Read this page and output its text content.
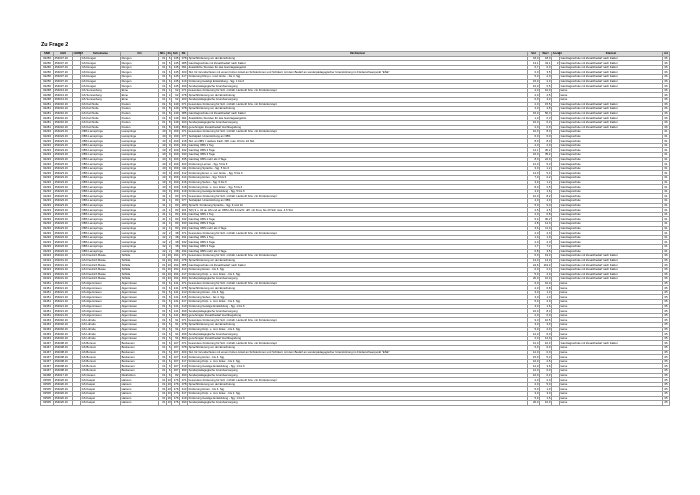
Zu Frage 2
SNR	AGS	LKRKZ	Schulname	Ort	SKL	KL	Sch	ZB	ZB-Klartext	Std	Wert	Anzahl	Klartext	Art
02256	254037.16		GS Dungen	Dungen	01	6	145	078	Sprachförderung vor der Einschulung	18,0	18,0		Ganztagsschule mit Zusatzbedarf nach Faktor	06
02256	254037.16		GS Dungen	Dungen	01	6	145	085	Ganztagsschule mit Zusatzbedarf nach Faktor	13,1	43,1	3	Ganztagsschule mit Zusatzbedarf nach Faktor	06
02256	254037.16		GS Dungen	Dungen	01	6	145	091	Zusätzliche Stunden für das Ganztagsangebot	0,7	0,3		Ganztagsschule mit Zusatzbedarf nach Faktor	06
02256	254037.16		GS Dungen	Dungen	01	6	145	403	Std. für Grundschulen mit einem hohen Anteil an Schülerinnen und Schülern mit dem Bedarf an sonderpädagogischer Unterstützung im Förderschwerpunkt "ESE"	0,0	3,5		Ganztagsschule mit Zusatzbedarf nach Faktor	06
02256	254037.16		GS Dungen	Dungen	01	6	145	417	Förderung Kling u. mod. Entw. - bis 4. Sjg.	5,0	2,0		Ganztagsschule mit Zusatzbedarf nach Faktor	06
02256	254037.16		GS Dungen	Dungen	01	6	145	419	Förderung Gelebgt Entwicklung - Sjg. 1 bis 6	15,0	2,3		Ganztagsschule mit Zusatzbedarf nach Faktor	06
02256	254037.16		GS Dungen	Dungen	01	6	145	490	Sonderpädagogische Grundversorgung	16,0	6,5		Ganztagsschule mit Zusatzbedarf nach Faktor	06
02268	254013.16		GS Sonnenberg	Eime	01	4	62	071	besondere Förderung für Sch. nichtdt. Herkunft bzw. mit Förderkonzept	2,0	10,0		keine	06
02268	254013.16		GS Sonnenberg	Eime	01	4	62	078	Sprachförderung vor der Einschulung	2,0	2,5		keine	06
02268	254013.16		GS Sonnenberg	Eime	01	4	62	400	Sonderpädagogische Grundversorgung	6,0	4,3		keine	06
02281	254016.16		GS Karl Nolte	Freden	01	8	149	071	besondere Förderung für Sch. nichtdt. Herkunft bzw. mit Förderkonzept	2,0	15,5		Ganztagsschule mit Zusatzbedarf nach Faktor	06
02281	254016.16		GS Karl Nolte	Freden	01	8	149	078	Sprachförderung vor der Einschulung	4,0	4,8		Ganztagsschule mit Zusatzbedarf nach Faktor	06
02281	254016.16		GS Karl Nolte	Freden	01	8	149	085	Ganztagsschule mit Zusatzbedarf nach Faktor	15,0	50,3		Ganztagsschule mit Zusatzbedarf nach Faktor	06
02281	254016.16		GS Karl Nolte	Freden	01	8	149	091	Zusätzliche Stunden für das Ganztagsangebot	1,0	0,3		Ganztagsschule mit Zusatzbedarf nach Faktor	06
02281	254016.16		GS Karl Nolte	Freden	01	8	149	400	Sonderpädagogische Grundversorgung	16,0	6,3		Ganztagsschule mit Zusatzbedarf nach Faktor	06
02281	254016.16		GS Karl Nolte	Freden	01	8	149	860	genehmigter Zusatzbedarf Hochbegabung	2,0	0,0		Ganztagsschule mit Zusatzbedarf nach Faktor	06
02293	254023.16		OBS Lamspringe	Lamspringe	40	9	169	071	besondere Förderung für Sch. nichtdt. Herkunft bzw. mit Förderkonzept	10,0	8,0		Ganztagsschule	01
02293	254023.16		OBS Lamspringe	Lamspringe	40	9	169	077	Sozialpäd. Unterstützung an OBS	6,0	6,0		Ganztagsschule	01
02293	254023.16		OBS Lamspringe	Lamspringe	40	9	169	218	Std. an OBS f. äußere Fach. Diff. max. 8 bzw. 16 Std.	8,0	8,0		Ganztagsschule	01
02293	254023.16		OBS Lamspringe	Lamspringe	40	9	169	331	Ganztag OBS 1 Tag	2,0	2,0		Ganztagsschule	01
02293	254023.16		OBS Lamspringe	Lamspringe	40	9	169	332	Ganztag OBS 2 Tage	14,1	30,2		Ganztagsschule	01
02293	254023.16		OBS Lamspringe	Lamspringe	40	9	169	333	Ganztag OBS 3 Tage	16,0	35,2		Ganztagsschule	01
02293	254023.16		OBS Lamspringe	Lamspringe	40	9	169	335	Ganztag OBS mehr als 3 Tage	8,0	22,0		Ganztagsschule	01
02293	254023.16		OBS Lamspringe	Lamspringe	40	9	169	403	Förderung Lernen - Sjg. 5 bis 6	12,0	5,3		Ganztagsschule	01
02293	254023.16		OBS Lamspringe	Lamspringe	40	9	169	411	Förderung Sprache - Sjg. 5 bis 6	3,0	1,2		Ganztagsschule	01
02293	254023.16		OBS Lamspringe	Lamspringe	40	9	169	412	Förderung Emot. u. soz. Entw. - Sjg. 5 bis 6	14,0	5,4		Ganztagsschule	01
02293	254023.16		OBS Lamspringe	Lamspringe	40	9	169	414	Förderung Hören - Sjg. 5 bis 6	7,0	2,2		Ganztagsschule	01
02293	254023.16		OBS Lamspringe	Lamspringe	40	9	169	416	Förderung Sehen - Sjg. 5 bis 6	3,0	1,2		Ganztagsschule	01
02293	254023.16		OBS Lamspringe	Lamspringe	40	9	169	418	Förderung Körp. u. mot. Entw. - Sjg. 5 bis 6	8,0	2,5		Ganztagsschule	01
02293	254023.16		OBS Lamspringe	Lamspringe	40	9	169	419	Förderung Geistige Entwicklung - Sjg. 5 bis 6	4,0	1,6		Ganztagsschule	01
02293	254023.16		OBS Lamspringe	Lamspringe	41	4	83	071	besondere Förderung für Sch. nichtdt. Herkunft bzw. mit Förderkonzept	10,0	8,2		Ganztagsschule	01
02293	254023.16		OBS Lamspringe	Lamspringe	41	4	83	077	Sozialpäd. Unterstützung an OBS	4,0	4,0		Ganztagsschule	01
02293	254023.16		OBS Lamspringe	Lamspringe	41	4	83	180	Sprachl. Förderung Sprache - Sjg. 9 und 10	5,0	5,0		Ganztagsschule	01
02293	254023.16		OBS Lamspringe	Lamspringe	41	4	83	201	S(II) 9 u. 10 an HS und an OBS HS1 & Fachr. diff. mit Freq. bis 20 Sch max. 4,5 Std.	4,5	4,5		Ganztagsschule	01
02293	254023.16		OBS Lamspringe	Lamspringe	41	4	83	331	Ganztag OBS 1 Tag	2,0	0,8		Ganztagsschule	01
02293	254023.16		OBS Lamspringe	Lamspringe	41	4	83	332	Ganztag OBS 2 Tage	5,4	30,2		Ganztagsschule	01
02293	254023.16		OBS Lamspringe	Lamspringe	41	4	83	333	Ganztag OBS 3 Tage	4,8	14,3		Ganztagsschule	01
02293	254023.16		OBS Lamspringe	Lamspringe	41	4	83	334	Ganztag OBS mehr als 3 Tage	3,6	11,0		Ganztagsschule	01
02293	254023.16		OBS Lamspringe	Lamspringe	42	2	38	071	besondere Förderung für Sch. nichtdt. Herkunft bzw. mit Förderkonzept	2,0	2,0		Ganztagsschule	01
02293	254023.16		OBS Lamspringe	Lamspringe	42	2	38	331	Ganztag OBS 1 Tag	1,0	1,0		Ganztagsschule	01
02293	254023.16		OBS Lamspringe	Lamspringe	42	2	38	332	Ganztag OBS 2 Tage	2,0	2,0		Ganztagsschule	01
02293	254023.16		OBS Lamspringe	Lamspringe	42	2	38	333	Ganztag OBS 3 Tage	1,7	7,2		Ganztagsschule	01
02293	254023.16		OBS Lamspringe	Lamspringe	42	2	38	334	Ganztag OBS mehr als 3 Tage	0,8	3,5		Ganztagsschule	01
02323	254031.16		GS Friedrich Busse	Söhlde	01	10	194	071	besondere Förderung für Sch. nichtdt. Herkunft bzw. mit Förderkonzept	6,0	19,3		Ganztagsschule mit Zusatzbedarf nach Faktor	06
02323	254031.16		GS Friedrich Busse	Söhlde	01	10	194	078	Sprachförderung vor der Einschulung	14,0	14,0		Ganztagsschule mit Zusatzbedarf nach Faktor	06
02323	254031.16		GS Friedrich Busse	Söhlde	01	10	194	085	Ganztagsschule mit Zusatzbedarf nach Faktor	24,6	119,3		Ganztagsschule mit Zusatzbedarf nach Faktor	06
02323	254031.16		GS Friedrich Busse	Söhlde	01	10	194	413	Förderung Hören - bis 4. Sjg.	6,0	2,3		Ganztagsschule mit Zusatzbedarf nach Faktor	06
02323	254031.16		GS Friedrich Busse	Söhlde	01	10	194	417	Förderung Körp. u. mot. Entw. - bis 4. Sjg.	5,0	2,0		Ganztagsschule mit Zusatzbedarf nach Faktor	06
02323	254031.16		GS Friedrich Busse	Söhlde	01	10	194	490	Sonderpädagogische Grundversorgung	20,0	10,0		Ganztagsschule mit Zusatzbedarf nach Faktor	06
02451	254021.16		GS Algermissen	Algermissen	01	6	141	071	besondere Förderung für Sch. nichtdt. Herkunft bzw. mit Förderkonzept	6,0	10,3		keine	05
02451	254021.16		GS Algermissen	Algermissen	01	6	141	078	Sprachförderung vor der Einschulung	4,0	6,8		keine	05
02451	254021.16		GS Algermissen	Algermissen	01	6	141	413	Förderung Hören - bis 4. Sjg.	3,0	1,3		keine	05
02451	254021.16		GS Algermissen	Algermissen	01	6	141	415	Förderung Sehen - bis 4. Sjg.	3,0	1,3		keine	05
02451	254021.16		GS Algermissen	Algermissen	01	6	141	417	Förderung Körp. u. mot. Entw. - bis 4. Sjg.	5,0	2,0		keine	05
02451	254021.16		GS Algermissen	Algermissen	01	6	141	419	Förderung Geistige Entwicklung - Sjg. 1 bis 6	3,0	1,6		keine	05
02451	254021.16		GS Algermissen	Algermissen	01	6	141	490	Sonderpädagogische Grundversorgung	16,0	8,3		keine	05
02451	254021.16		GS Algermissen	Algermissen	01	6	141	860	genehmigter Zusatzbedarf Hochbegabung	2,0	0,0		keine	05
02463	254040.16		GS Lühnde	Algermissen	01	6	91	071	besondere Förderung für Sch. nichtdt. Herkunft bzw. mit Förderkonzept	9,0	10,5		keine	05
02463	254040.16		GS Lühnde	Algermissen	01	6	91	078	Sprachförderung vor der Einschulung	3,0	3,0		keine	05
02463	254040.16		GS Lühnde	Algermissen	01	6	91	417	Förderung Körp. u. mot. Entw. - bis 4. Sjg.	5,0	2,0		keine	05
02463	254040.16		GS Lühnde	Algermissen	01	6	91	490	Sonderpädagogische Grundversorgung	12,0	6,0		keine	05
02463	254040.16		GS Lühnde	Algermissen	01	6	91	860	genehmigter Zusatzbedarf Hochbegabung	2,0	12,0		keine	05
02467	254008.16		GS Borsum	Bockenem	01	6	107	071	besondere Förderung für Sch. nichtdt. Herkunft bzw. mit Förderkonzept	12,0	10,3		Ganztagsschule mit Zusatzbedarf nach Faktor	06
02467	254008.16		GS Borsum	Bockenem	01	6	107	078	Sprachförderung vor der Einschulung	6,0	6,0		keine	05
02467	254008.16		GS Borsum	Bockenem	01	6	107	403	Std. für Grundschulen mit einem hohen Anteil an Schülerinnen und Schülern mit dem Bedarf an sonderpädagogischer Unterstützung im Förderschwerpunkt "ESE"	12,0	0,0		keine	05
02467	254008.16		GS Borsum	Bockenem	01	6	107	413	Förderung Hören - bis 4. Sjg.	15,0	5,3		keine	05
02467	254008.16		GS Borsum	Bockenem	01	6	107	417	Förderung Körp. u. mot. Entw. - bis 4. Sjg.	10,0	2,5		keine	05
02467	254008.16		GS Borsum	Bockenem	01	6	107	419	Förderung Geistige Entwicklung - Sjg. 1 bis 6	12,0	3,6		keine	05
02467	254008.16		GS Borsum	Bockenem	01	6	107	490	Sonderpädagogische Grundversorgung	12,0	6,0		keine	05
02468	254017.16		GS Giesen	Diekholzen	01	6	82	490	Sonderpädagogische Grundversorgung	10,0	6,3		keine	05
02505	254020.16		GS Kaspel	Harsum	01	10	176	071	besondere Förderung für Sch. nichtdt. Herkunft bzw. mit Förderkonzept	2,0	2,0		keine	05
02505	254020.16		GS Kaspel	Harsum	01	10	176	078	Sprachförderung vor der Einschulung	2,0	5,0		keine	05
02505	254020.16		GS Kaspel	Harsum	01	10	176	413	Förderung Hören - bis 4. Sjg.	5,0	1,0		keine	05
02505	254020.16		GS Kaspel	Harsum	01	10	176	417	Förderung Körp. u. mot. Entw. - bis 4. Sjg.	3,0	3,0		keine	05
02505	254020.16		GS Kaspel	Harsum	01	10	176	419	Förderung Geistige Entwicklung - Sjg. 1 bis 6	5,0	1,6		keine	05
02505	254020.16		GS Kaspel	Harsum	01	10	176	490	Sonderpädagogische Grundversorgung	20,0	10,0		keine	05
